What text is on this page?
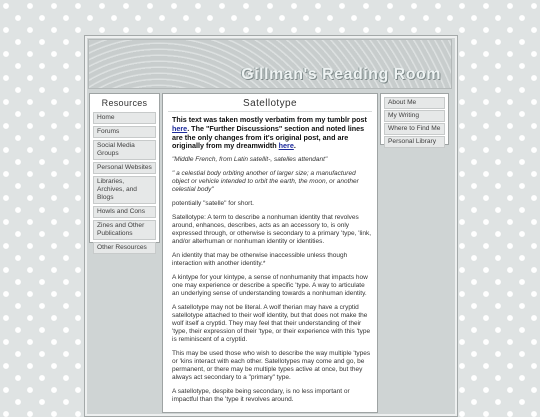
Gillman's Reading Room
Resources
Home
Forums
Social Media Groups
Personal Websites
Libraries, Archives, and Blogs
Howls and Cons
Zines and Other Publications
Other Resources
Satellotype
This text was taken mostly verbatim from my tumblr post here. The "Further Discussions" section and noted lines are the only changes from it's original post, and are originally from my dreamwidth here.

"Middle French, from Latin satellit-, satelles attendant"

" a celestial body orbiting another of larger size; a manufactured object or vehicle intended to orbit the earth, the moon, or another celestial body"

potentially "satelle" for short.

Satellotype: A term to describe a nonhuman identity that revolves around, enhances, describes, acts as an accessory to, is only expressed through, or otherwise is secondary to a primary 'type, 'link, and/or alterhuman or nonhuman identity or identities.

An identity that may be otherwise inaccessible unless though interaction with another identity.*

A kintype for your kintype, a sense of nonhumanity that impacts how one may experience or describe a specific 'type. A way to articulate an underlying sense of understanding towards a nonhuman identity.

A satellotype may not be literal. A wolf therian may have a cryptid satellotype attached to their wolf identity, but that does not make the wolf itself a cryptid. They may feel that their understanding of their 'type, their expression of their 'type, or their experience with this 'type is reminiscent of a cryptid.

This may be used those who wish to describe the way multiple 'types or 'kins interact with each other. Satellotypes may come and go, be permanent, or there may be multiple types active at once, but they always act secondary to a "primary" type.

A satellotype, despite being secondary, is no less important or impactful than the 'type it revolves around.

About Me
My Writing
Where to Find Me
Personal Library
